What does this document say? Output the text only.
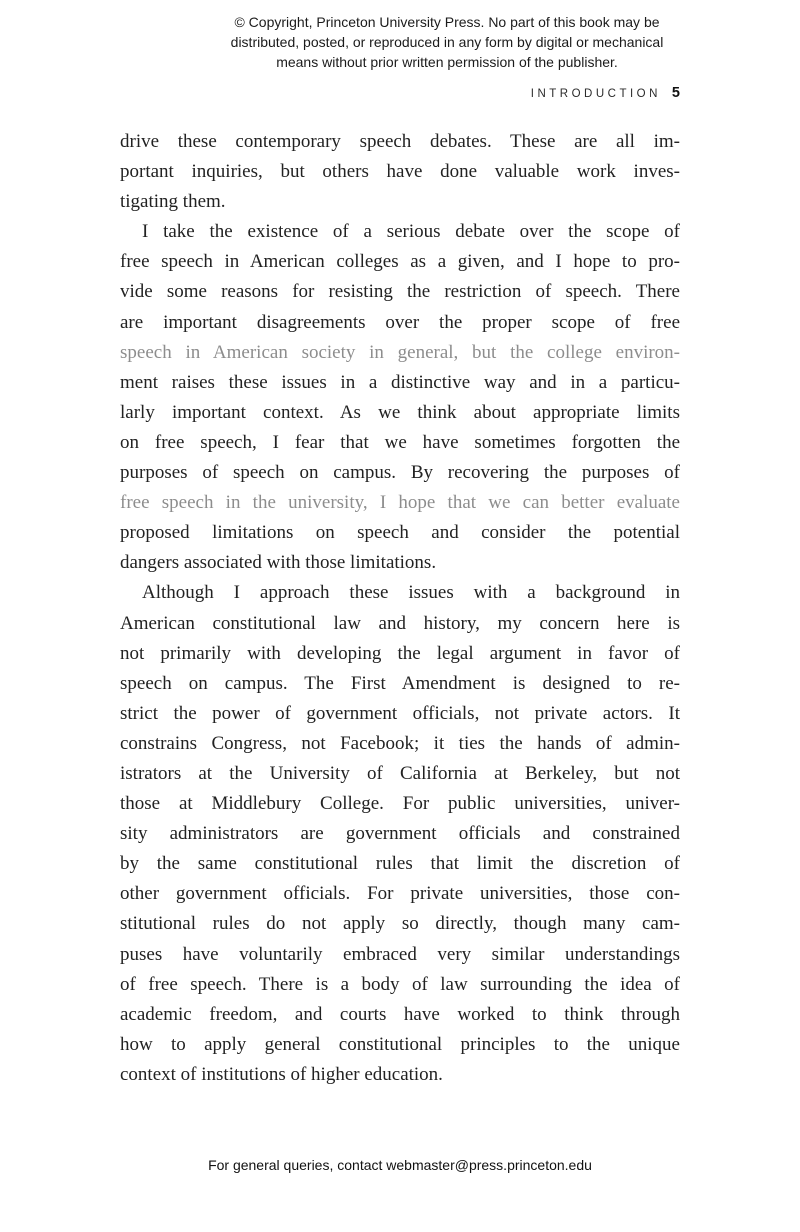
© Copyright, Princeton University Press. No part of this book may be
distributed, posted, or reproduced in any form by digital or mechanical
means without prior written permission of the publisher.
INTRODUCTION 5
drive these contemporary speech debates. These are all im-
portant inquiries, but others have done valuable work inves-
tigating them.
I take the existence of a serious debate over the scope of
free speech in American colleges as a given, and I hope to pro-
vide some reasons for resisting the restriction of speech. There
are important disagreements over the proper scope of free
speech in American society in general, but the college environ-
ment raises these issues in a distinctive way and in a particu-
larly important context. As we think about appropriate limits
on free speech, I fear that we have sometimes forgotten the
purposes of speech on campus. By recovering the purposes of
free speech in the university, I hope that we can better evaluate
proposed limitations on speech and consider the potential
dangers associated with those limitations.
Although I approach these issues with a background in
American constitutional law and history, my concern here is
not primarily with developing the legal argument in favor of
speech on campus. The First Amendment is designed to re-
strict the power of government officials, not private actors. It
constrains Congress, not Facebook; it ties the hands of admin-
istrators at the University of California at Berkeley, but not
those at Middlebury College. For public universities, univer-
sity administrators are government officials and constrained
by the same constitutional rules that limit the discretion of
other government officials. For private universities, those con-
stitutional rules do not apply so directly, though many cam-
puses have voluntarily embraced very similar understandings
of free speech. There is a body of law surrounding the idea of
academic freedom, and courts have worked to think through
how to apply general constitutional principles to the unique
context of institutions of higher education.
For general queries, contact webmaster@press.princeton.edu
